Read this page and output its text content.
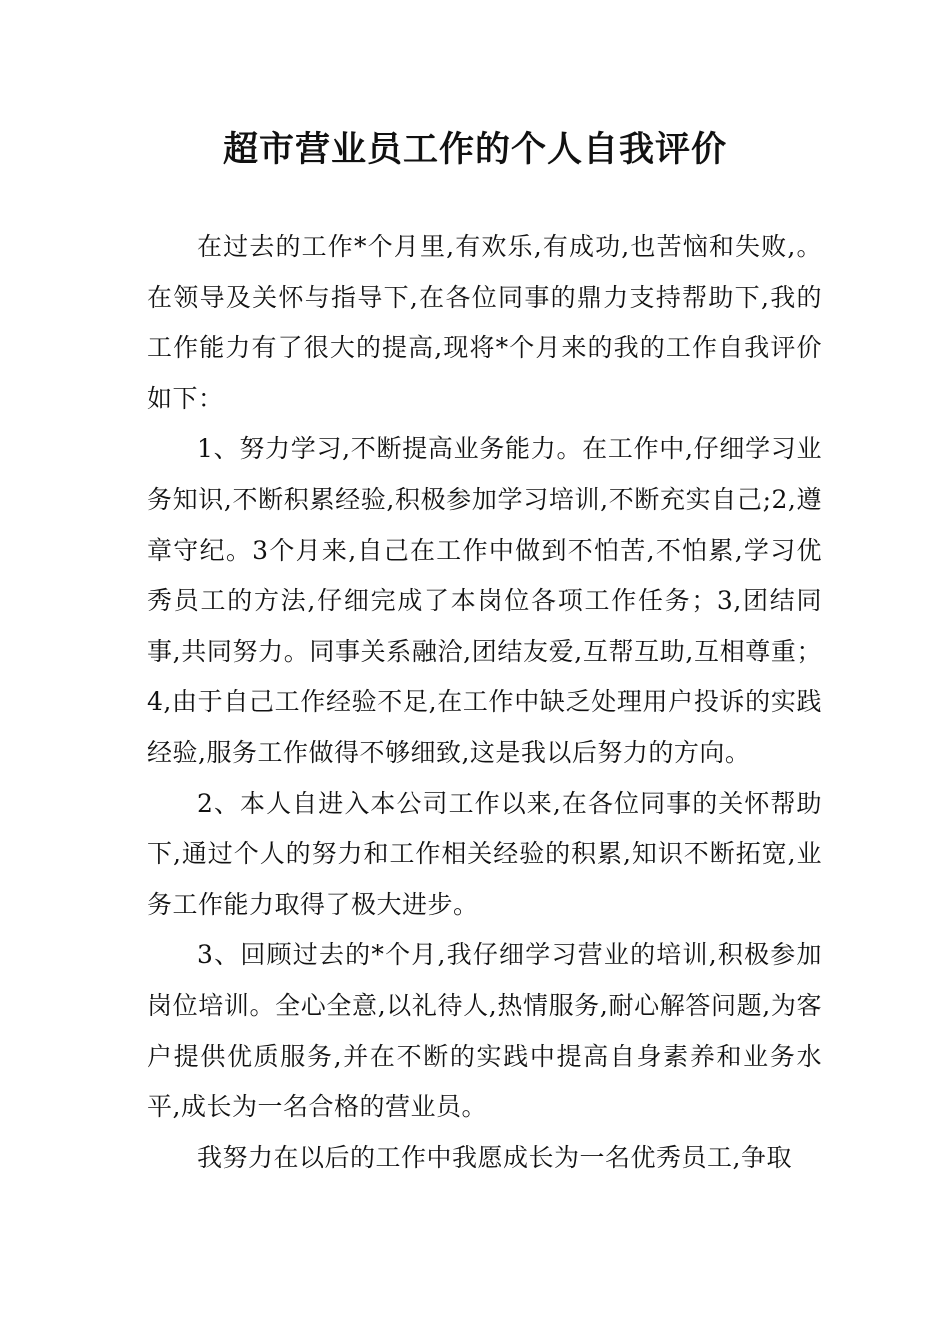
超市营业员工作的个人自我评价

在过去的工作*个月里,有欢乐,有成功,也苦恼和失败,。在领导及关怀与指导下,在各位同事的鼎力支持帮助下,我的工作能力有了很大的提高,现将*个月来的我的工作自我评价如下：

1、努力学习,不断提高业务能力。在工作中,仔细学习业务知识,不断积累经验,积极参加学习培训,不断充实自己;2,遵章守纪。3个月来,自己在工作中做到不怕苦,不怕累,学习优秀员工的方法,仔细完成了本岗位各项工作任务；3,团结同事,共同努力。同事关系融洽,团结友爱,互帮互助,互相尊重；4,由于自己工作经验不足,在工作中缺乏处理用户投诉的实践经验,服务工作做得不够细致,这是我以后努力的方向。

2、本人自进入本公司工作以来,在各位同事的关怀帮助下,通过个人的努力和工作相关经验的积累,知识不断拓宽,业务工作能力取得了极大进步。

3、回顾过去的*个月,我仔细学习营业的培训,积极参加岗位培训。全心全意,以礼待人,热情服务,耐心解答问题,为客户提供优质服务,并在不断的实践中提高自身素养和业务水平,成长为一名合格的营业员。

我努力在以后的工作中我愿成长为一名优秀员工,争取
